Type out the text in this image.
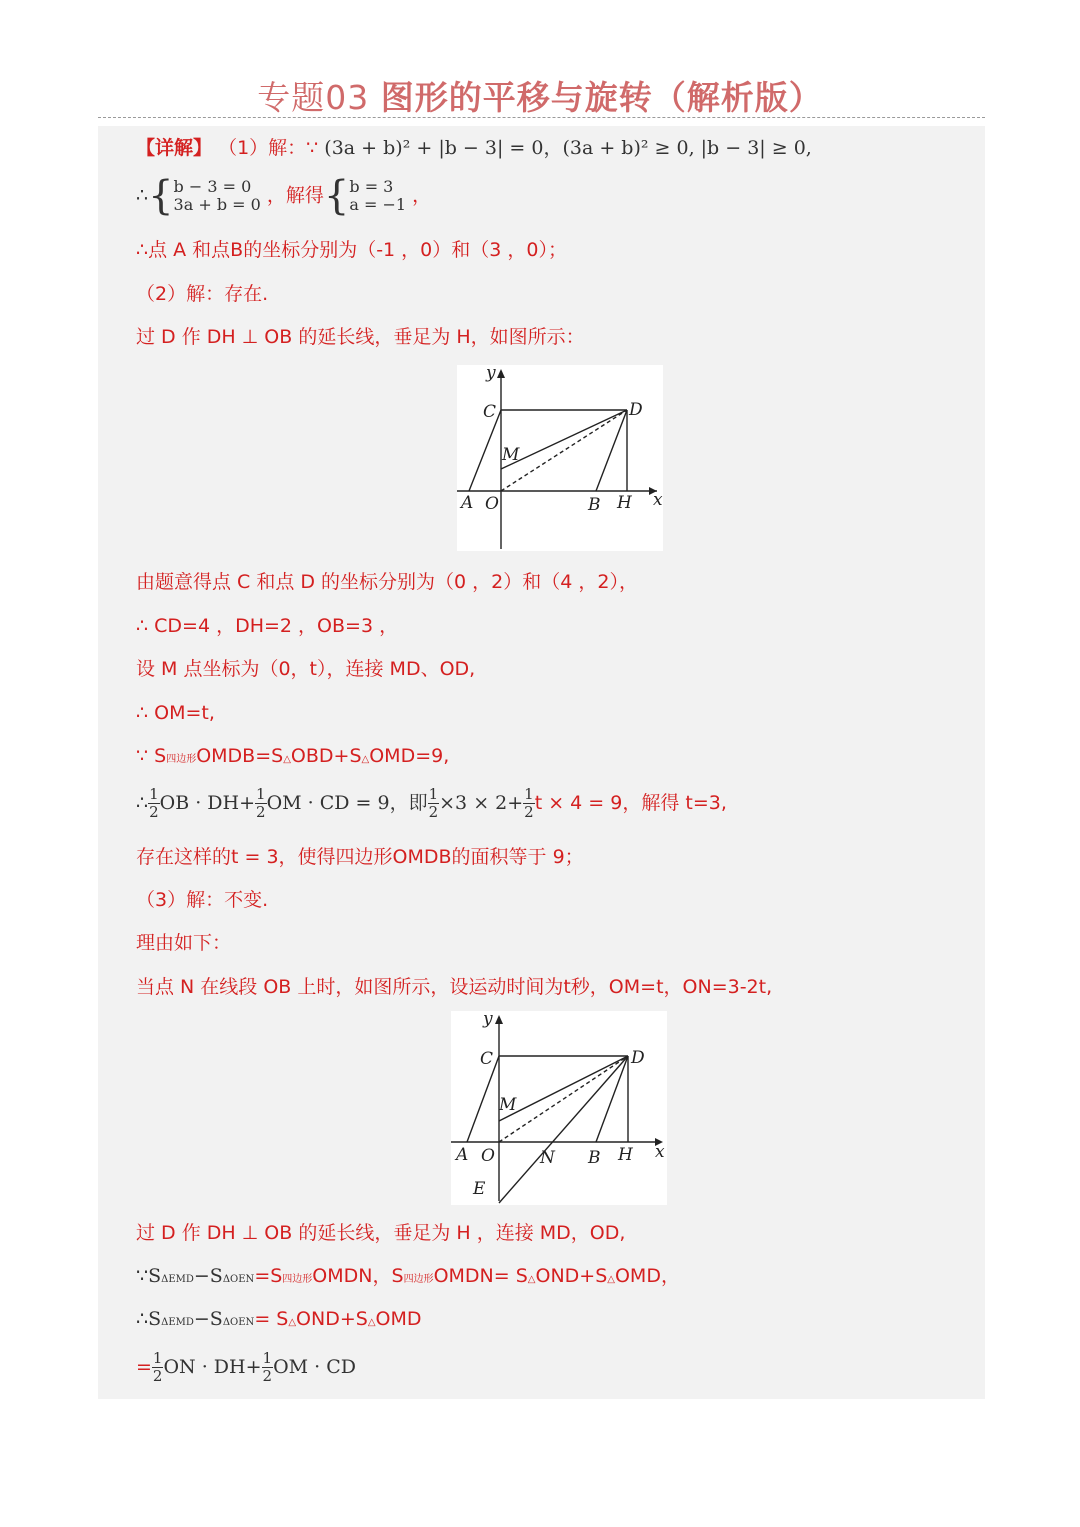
专题03 图形的平移与旋转（解析版）
【详解】 （1）解：∵ (3a + b)² + |b − 3| = 0，(3a + b)² ≥ 0, |b − 3| ≥ 0,
∴{ b − 3 = 0
3a + b = 0 ，解得{ b = 3
a = −1 ，
∴点 A 和点B的坐标分别为（-1 ，0）和（3 ，0）；
（2）解：存在.
过 D 作 DH ⊥ OB 的延长线，垂足为 H，如图所示：
y
x
C	D
M
A O	B H
由题意得点 C 和点 D 的坐标分别为（0 ，2）和（4 ，2），
∴ CD=4 ，DH=2 ，OB=3 ，
设 M 点坐标为（0，t），连接 MD、OD,
∴ OM=t,
∵ S四边形OMDB=S△OBD+S△OMD=9,
∴ $\frac{1}{2}$ OB · $DH+ \frac{1}{2}$ OM · CD = 9，即 $\frac{1}{2} \times 3 \times 2+ \frac{1}{2}$ t × 4 = 9，解得 t=3,
存在这样的t = 3，使得四边形OMDB的面积等于 9；
（3）解：不变.
理由如下：
当点 N 在线段 OB 上时，如图所示，设运动时间为t秒，OM=t，ON=3-2t,
y
x
C	D
M
A O	N B H
E
过 D 作 DH ⊥ OB 的延长线，垂足为 H ，连接 MD，OD,
∵SΔEMD−SΔOEN=S四边形OMDN，S四边形OMDN= S△OND+S△OMD，
∴SΔEMD−SΔOEN= S△OND+S△OMD
= $\frac{1}{2}$ ON · $DH+ \frac{1}{2}$ OM · CD
